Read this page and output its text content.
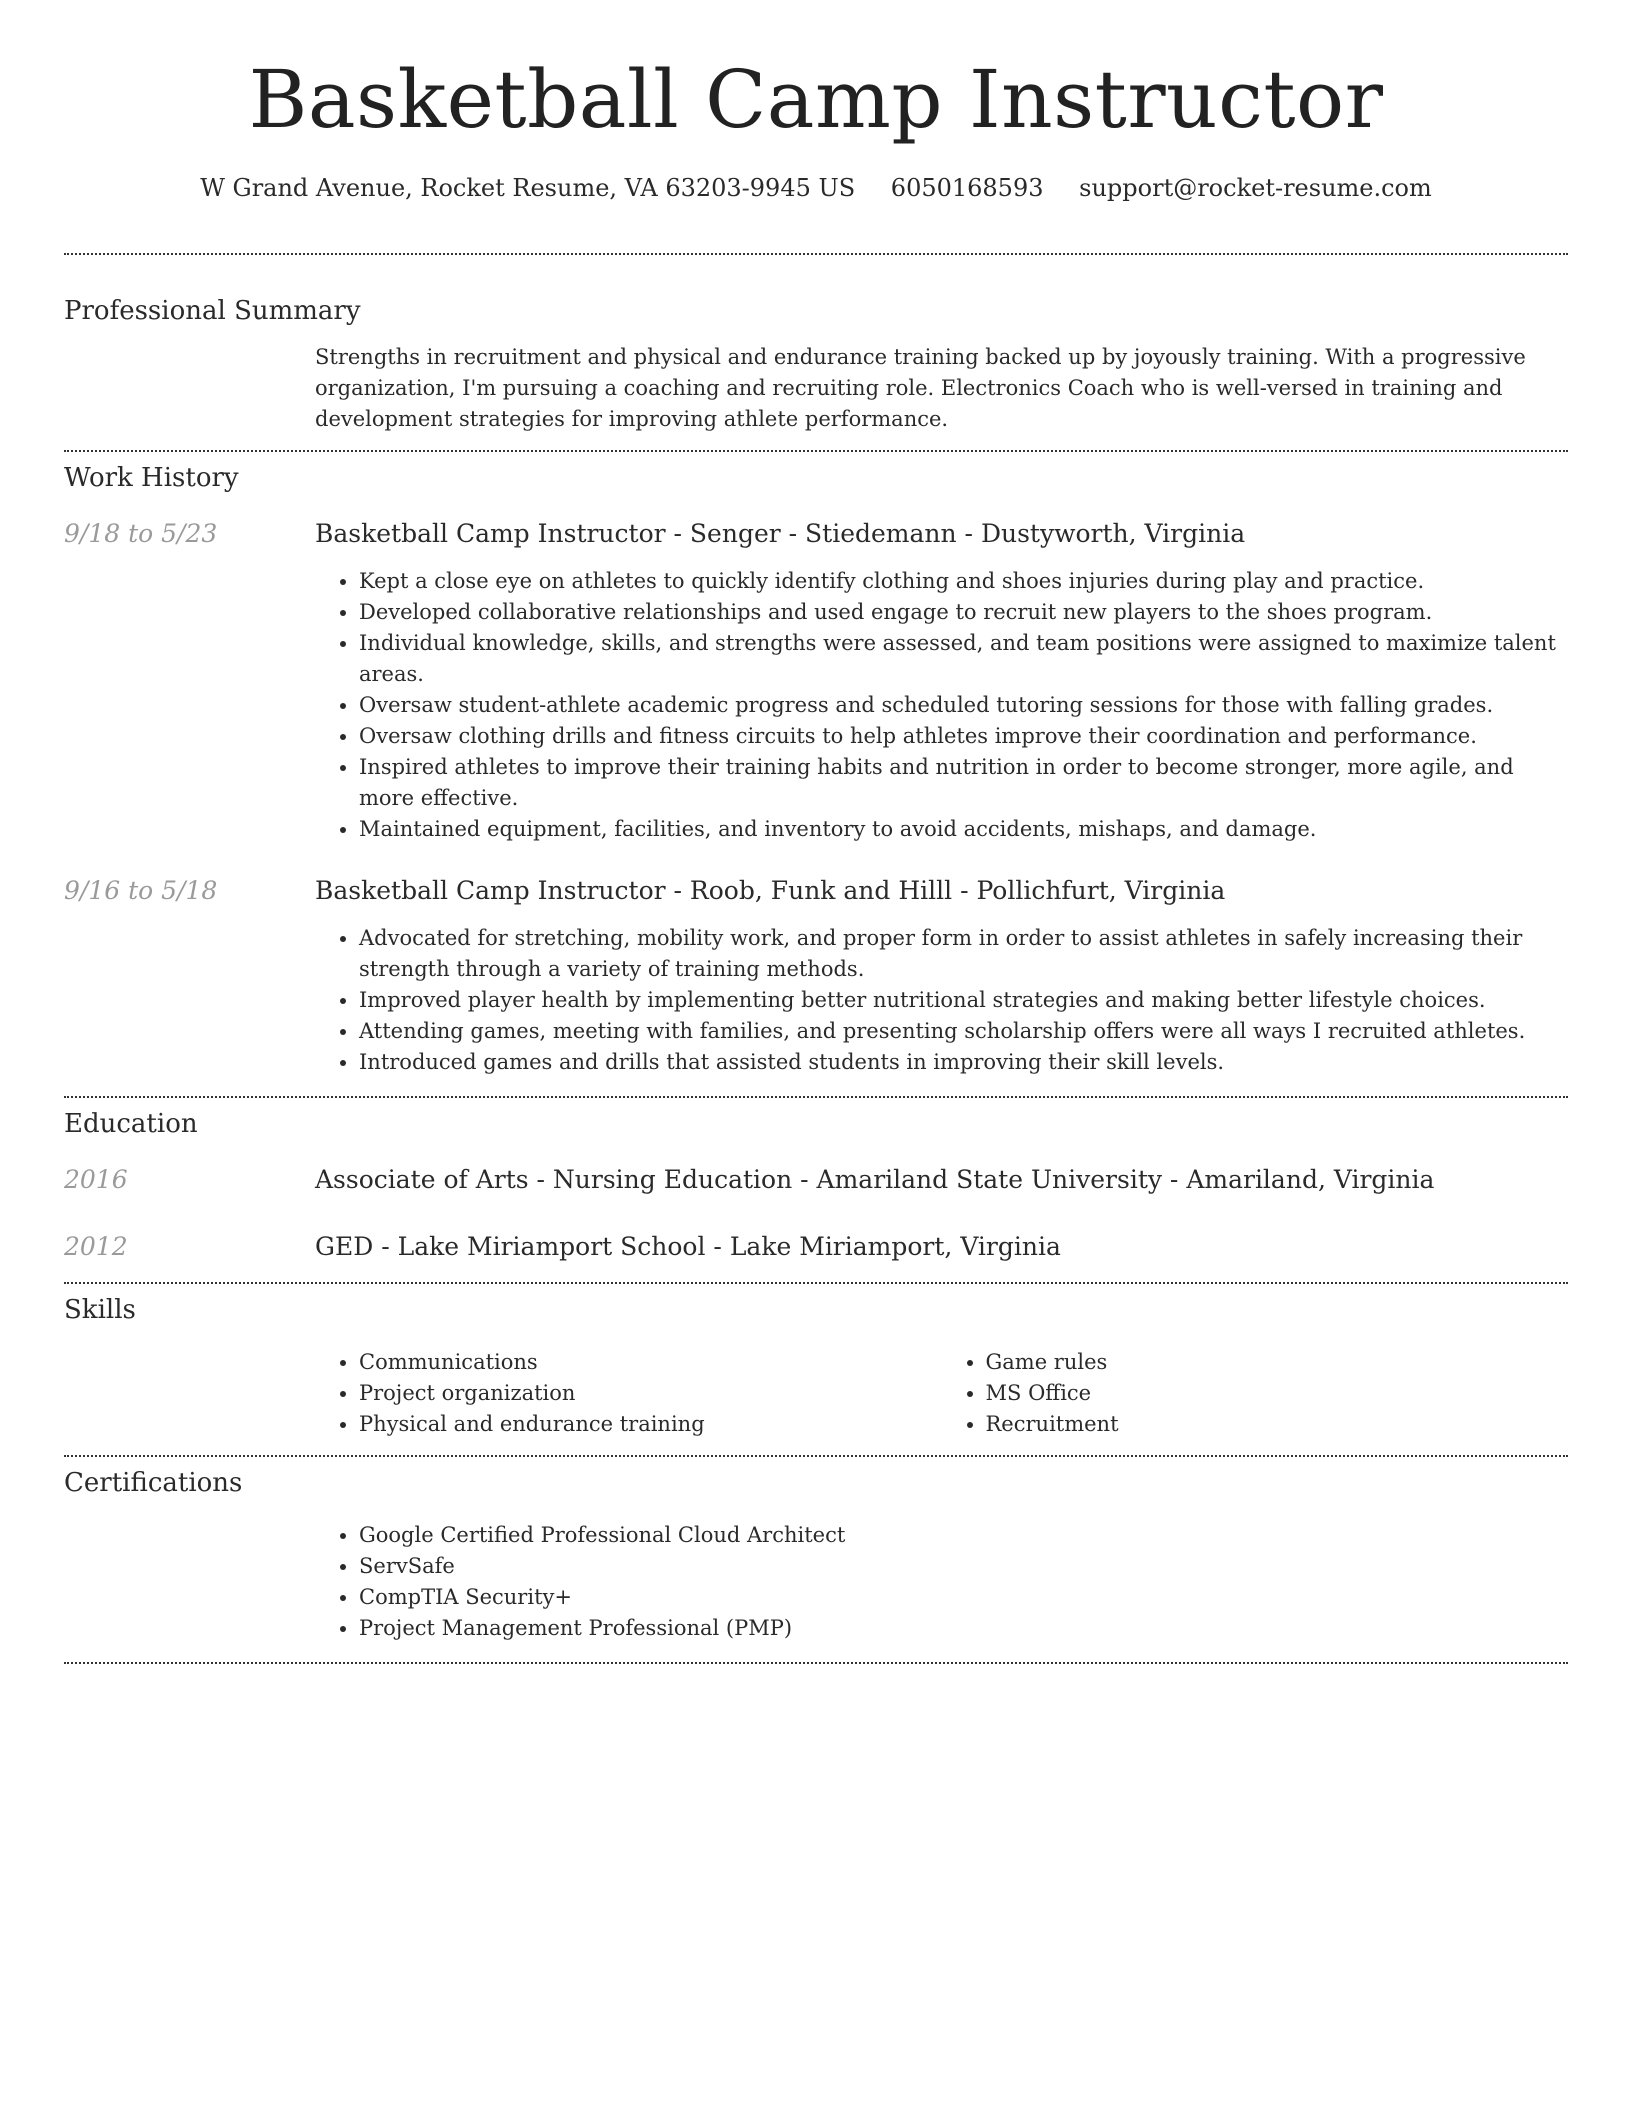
Basketball Camp Instructor
W Grand Avenue, Rocket Resume, VA 63203-9945 US 6050168593 support@rocket-resume.com
Professional Summary
Strengths in recruitment and physical and endurance training backed up by joyously training. With a progressive organization, I'm pursuing a coaching and recruiting role. Electronics Coach who is well-versed in training and development strategies for improving athlete performance.
Work History
9/18 to 5/23	Basketball Camp Instructor - Senger - Stiedemann - Dustyworth, Virginia
• Kept a close eye on athletes to quickly identify clothing and shoes injuries during play and practice.
• Developed collaborative relationships and used engage to recruit new players to the shoes program.
• Individual knowledge, skills, and strengths were assessed, and team positions were assigned to maximize talent areas.
• Oversaw student-athlete academic progress and scheduled tutoring sessions for those with falling grades.
• Oversaw clothing drills and fitness circuits to help athletes improve their coordination and performance.
• Inspired athletes to improve their training habits and nutrition in order to become stronger, more agile, and more effective.
• Maintained equipment, facilities, and inventory to avoid accidents, mishaps, and damage.
9/16 to 5/18	Basketball Camp Instructor - Roob, Funk and Hilll - Pollichfurt, Virginia
• Advocated for stretching, mobility work, and proper form in order to assist athletes in safely increasing their strength through a variety of training methods.
• Improved player health by implementing better nutritional strategies and making better lifestyle choices.
• Attending games, meeting with families, and presenting scholarship offers were all ways I recruited athletes.
• Introduced games and drills that assisted students in improving their skill levels.
Education
2016	Associate of Arts - Nursing Education - Amariland State University - Amariland, Virginia
2012	GED - Lake Miriamport School - Lake Miriamport, Virginia
Skills
• Communications
• Project organization
• Physical and endurance training
• Game rules
• MS Office
• Recruitment
Certifications
• Google Certified Professional Cloud Architect
• ServSafe
• CompTIA Security+
• Project Management Professional (PMP)
